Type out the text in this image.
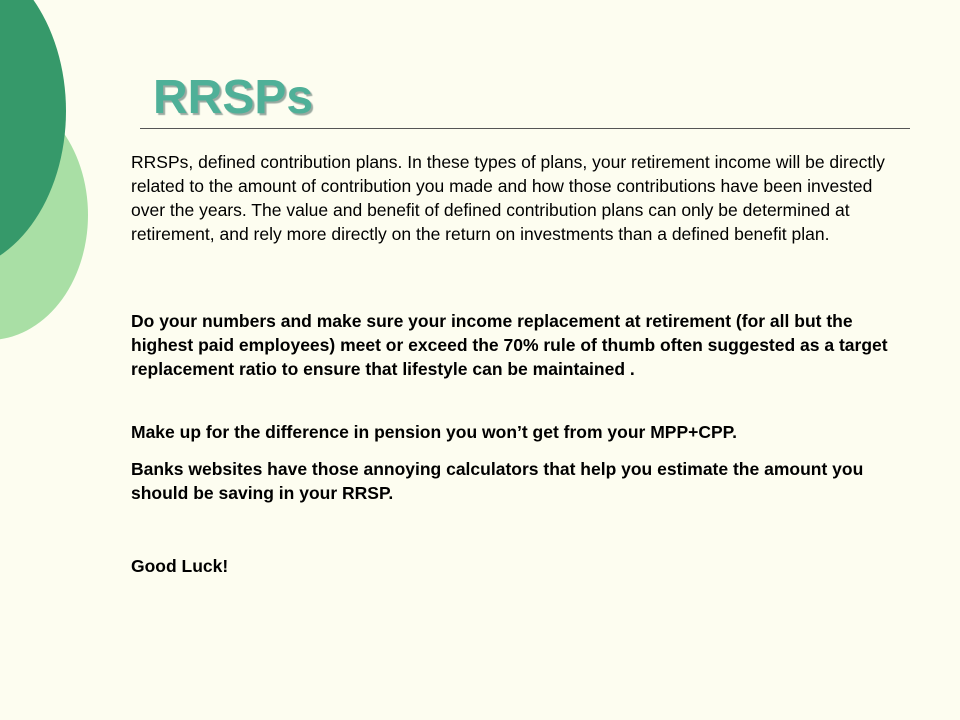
RRSPs

RRSPs, defined contribution plans. In these types of plans, your retirement income will be directly related to the amount of contribution you made and how those contributions have been invested over the years. The value and benefit of defined contribution plans can only be determined at retirement, and rely more directly on the return on investments than a defined benefit plan.

Do your numbers and make sure your income replacement at retirement (for all but the highest paid employees) meet or exceed the 70% rule of thumb often suggested as a target replacement ratio to ensure that lifestyle can be maintained .

Make up for the difference in pension you won’t get from your MPP+CPP.

Banks websites have those annoying calculators that help you estimate the amount you should be saving in your RRSP.

Good Luck!
